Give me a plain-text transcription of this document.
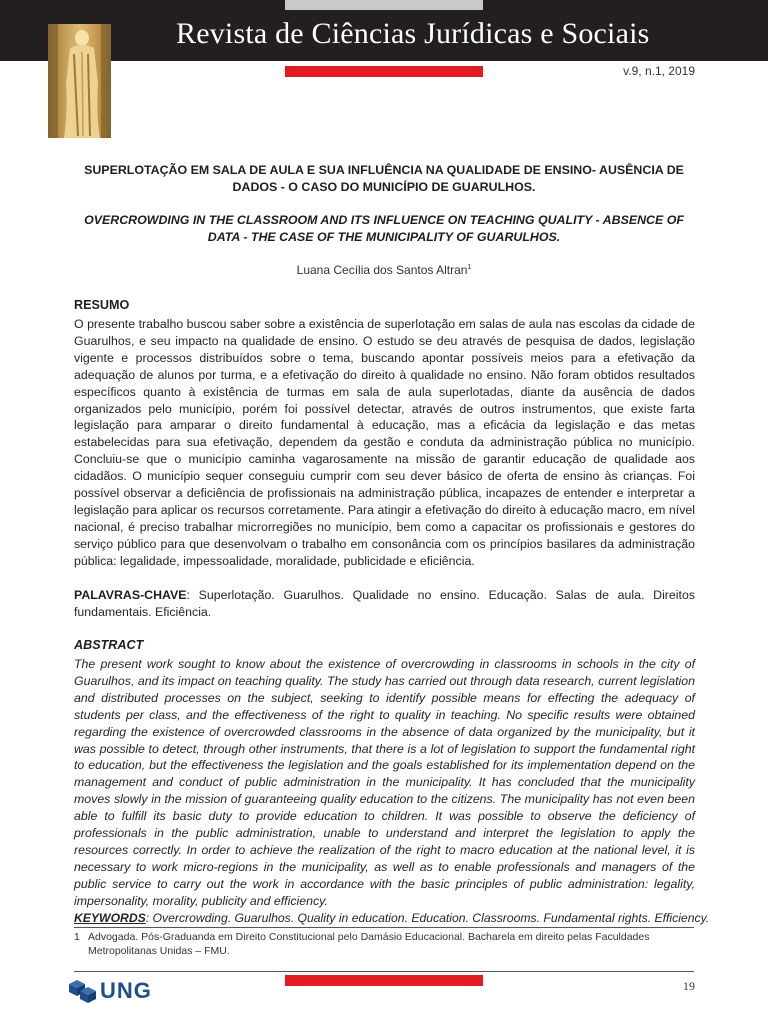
Revista de Ciências Jurídicas e Sociais
v.9, n.1, 2019
SUPERLOTAÇÃO EM SALA DE AULA E SUA INFLUÊNCIA NA QUALIDADE DE ENSINO- AUSÊNCIA DE DADOS - O CASO DO MUNICÍPIO DE GUARULHOS.
OVERCROWDING IN THE CLASSROOM AND ITS INFLUENCE ON TEACHING QUALITY - ABSENCE OF DATA - THE CASE OF THE MUNICIPALITY OF GUARULHOS.
Luana Cecília dos Santos Altran$^1$
RESUMO
O presente trabalho buscou saber sobre a existência de superlotação em salas de aula nas escolas da cidade de Guarulhos, e seu impacto na qualidade de ensino. O estudo se deu através de pesquisa de dados, legislação vigente e processos distribuídos sobre o tema, buscando apontar possíveis meios para a efetivação da adequação de alunos por turma, e a efetivação do direito à qualidade no ensino. Não foram obtidos resultados específicos quanto à existência de turmas em sala de aula superlotadas, diante da ausência de dados organizados pelo município, porém foi possível detectar, através de outros instrumentos, que existe farta legislação para amparar o direito fundamental à educação, mas a eficácia da legislação e das metas estabelecidas para sua efetivação, dependem da gestão e conduta da administração pública no município. Concluiu-se que o município caminha vagarosamente na missão de garantir educação de qualidade aos cidadãos. O município sequer conseguiu cumprir com seu dever básico de oferta de ensino às crianças. Foi possível observar a deficiência de profissionais na administração pública, incapazes de entender e interpretar a legislação para aplicar os recursos corretamente. Para atingir a efetivação do direito à educação macro, em nível nacional, é preciso trabalhar microrregiões no município, bem como a capacitar os profissionais e gestores do serviço público para que desenvolvam o trabalho em consonância com os princípios basilares da administração pública: legalidade, impessoalidade, moralidade, publicidade e eficiência.
PALAVRAS-CHAVE: Superlotação. Guarulhos. Qualidade no ensino. Educação. Salas de aula. Direitos fundamentais. Eficiência.
ABSTRACT
The present work sought to know about the existence of overcrowding in classrooms in schools in the city of Guarulhos, and its impact on teaching quality. The study has carried out through data research, current legislation and distributed processes on the subject, seeking to identify possible means for effecting the adequacy of students per class, and the effectiveness of the right to quality in teaching. No specific results were obtained regarding the existence of overcrowded classrooms in the absence of data organized by the municipality, but it was possible to detect, through other instruments, that there is a lot of legislation to support the fundamental right to education, but the effectiveness the legislation and the goals established for its implementation depend on the management and conduct of public administration in the municipality. It has concluded that the municipality moves slowly in the mission of guaranteeing quality education to the citizens. The municipality has not even been able to fulfill its basic duty to provide education to children. It was possible to observe the deficiency of professionals in the public administration, unable to understand and interpret the legislation to apply the resources correctly. In order to achieve the realization of the right to macro education at the national level, it is necessary to work micro-regions in the municipality, as well as to enable professionals and managers of the public service to carry out the work in accordance with the basic principles of public administration: legality, impersonality, morality, publicity and efficiency.
KEYWORDS: Overcrowding. Guarulhos. Quality in education. Education. Classrooms. Fundamental rights. Efficiency.
1 Advogada. Pós-Graduanda em Direito Constitucional pelo Damásio Educacional. Bacharela em direito pelas Faculdades Metropolitanas Unidas – FMU.
UNG	19
